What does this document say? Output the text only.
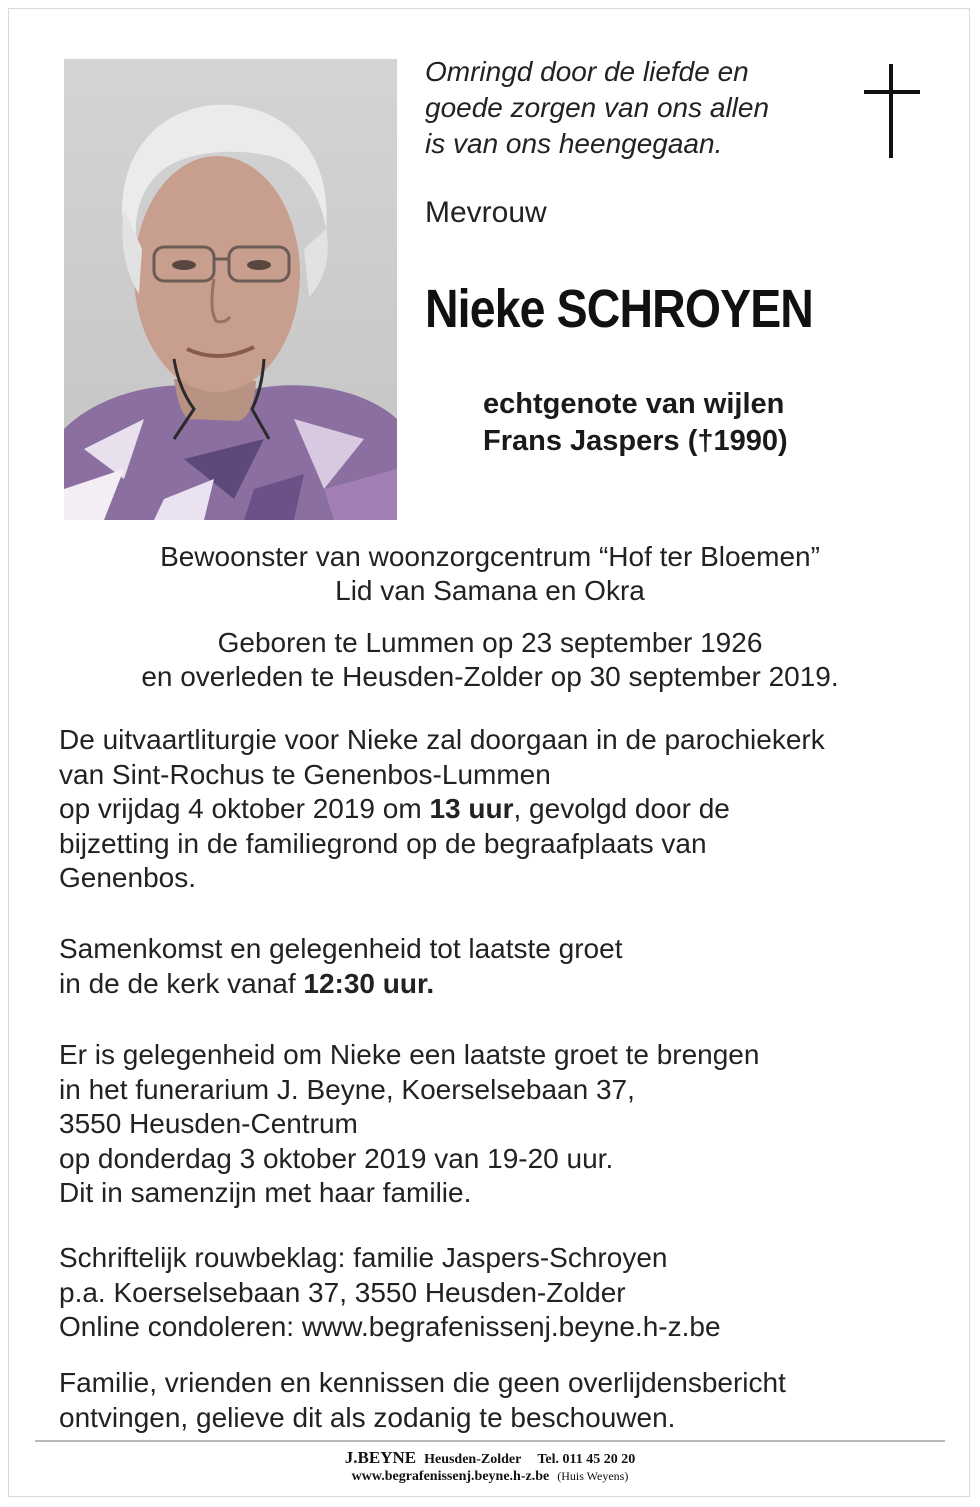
Omringd door de liefde en
goede zorgen van ons allen
is van ons heengegaan.
Mevrouw
Nieke SCHROYEN
echtgenote van wijlen
Frans Jaspers (†1990)
Bewoonster van woonzorgcentrum “Hof ter Bloemen”
Lid van Samana en Okra
Geboren te Lummen op 23 september 1926
en overleden te Heusden-Zolder op 30 september 2019.
De uitvaartliturgie voor Nieke zal doorgaan in de parochiekerk
van Sint-Rochus te Genenbos-Lummen
op vrijdag 4 oktober 2019 om 13 uur, gevolgd door de
bijzetting in de familiegrond op de begraafplaats van
Genenbos.
Samenkomst en gelegenheid tot laatste groet
in de de kerk vanaf 12:30 uur.
Er is gelegenheid om Nieke een laatste groet te brengen
in het funerarium J. Beyne, Koerselsebaan 37,
3550 Heusden-Centrum
op donderdag 3 oktober 2019 van 19-20 uur.
Dit in samenzijn met haar familie.
Schriftelijk rouwbeklag: familie Jaspers-Schroyen
p.a. Koerselsebaan 37, 3550 Heusden-Zolder
Online condoleren: www.begrafenissenj.beyne.h-z.be
Familie, vrienden en kennissen die geen overlijdensbericht
ontvingen, gelieve dit als zodanig te beschouwen.
J.BEYNE Heusden-Zolder Tel. 011 45 20 20
www.begrafenissenj.beyne.h-z.be (Huis Weyens)
